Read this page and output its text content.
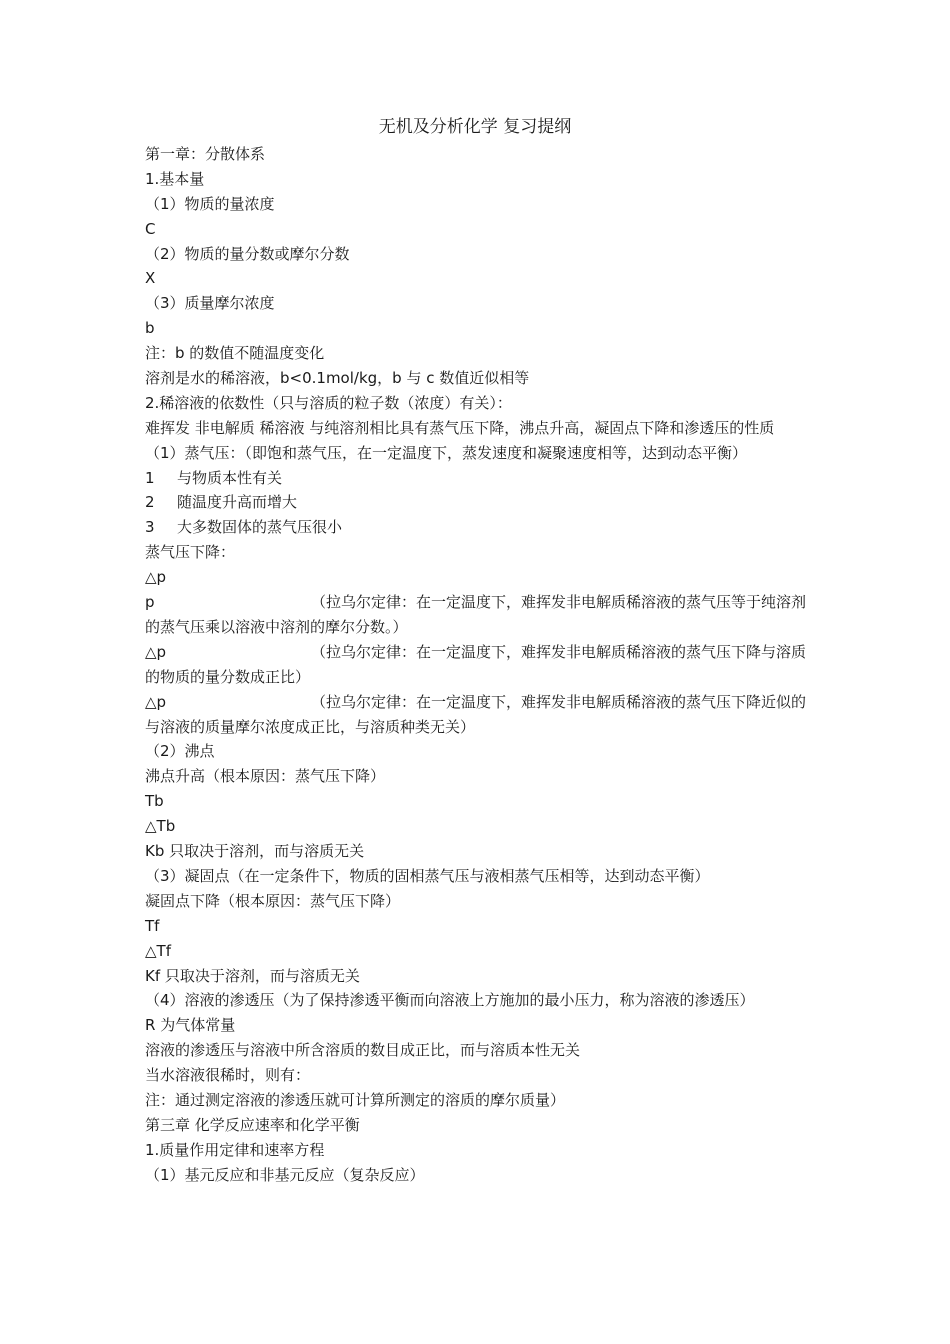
无机及分析化学 复习提纲
第一章：分散体系
1.基本量
（1）物质的量浓度
C
（2）物质的量分数或摩尔分数
X
（3）质量摩尔浓度
b
注：b 的数值不随温度变化
溶剂是水的稀溶液，b<0.1mol/kg，b 与 c 数值近似相等
2.稀溶液的依数性（只与溶质的粒子数（浓度）有关）：
难挥发 非电解质 稀溶液 与纯溶剂相比具有蒸气压下降，沸点升高，凝固点下降和渗透压的性质
（1）蒸气压：（即饱和蒸气压，在一定温度下，蒸发速度和凝聚速度相等，达到动态平衡）
1 与物质本性有关
2 随温度升高而增大
3 大多数固体的蒸气压很小
蒸气压下降：
△p
p	（拉乌尔定律：在一定温度下，难挥发非电解质稀溶液的蒸气压等于纯溶剂的蒸气压乘以溶液中溶剂的摩尔分数。）
△p	（拉乌尔定律：在一定温度下，难挥发非电解质稀溶液的蒸气压下降与溶质的物质的量分数成正比）
△p	（拉乌尔定律：在一定温度下，难挥发非电解质稀溶液的蒸气压下降近似的与溶液的质量摩尔浓度成正比，与溶质种类无关）
（2）沸点
沸点升高（根本原因：蒸气压下降）
Tb
△Tb
Kb 只取决于溶剂，而与溶质无关
（3）凝固点（在一定条件下，物质的固相蒸气压与液相蒸气压相等，达到动态平衡）
凝固点下降（根本原因：蒸气压下降）
Tf
△Tf
Kf 只取决于溶剂，而与溶质无关
（4）溶液的渗透压（为了保持渗透平衡而向溶液上方施加的最小压力，称为溶液的渗透压）
R 为气体常量
溶液的渗透压与溶液中所含溶质的数目成正比，而与溶质本性无关
当水溶液很稀时，则有：
注：通过测定溶液的渗透压就可计算所测定的溶质的摩尔质量）
第三章 化学反应速率和化学平衡
1.质量作用定律和速率方程
（1）基元反应和非基元反应（复杂反应）
